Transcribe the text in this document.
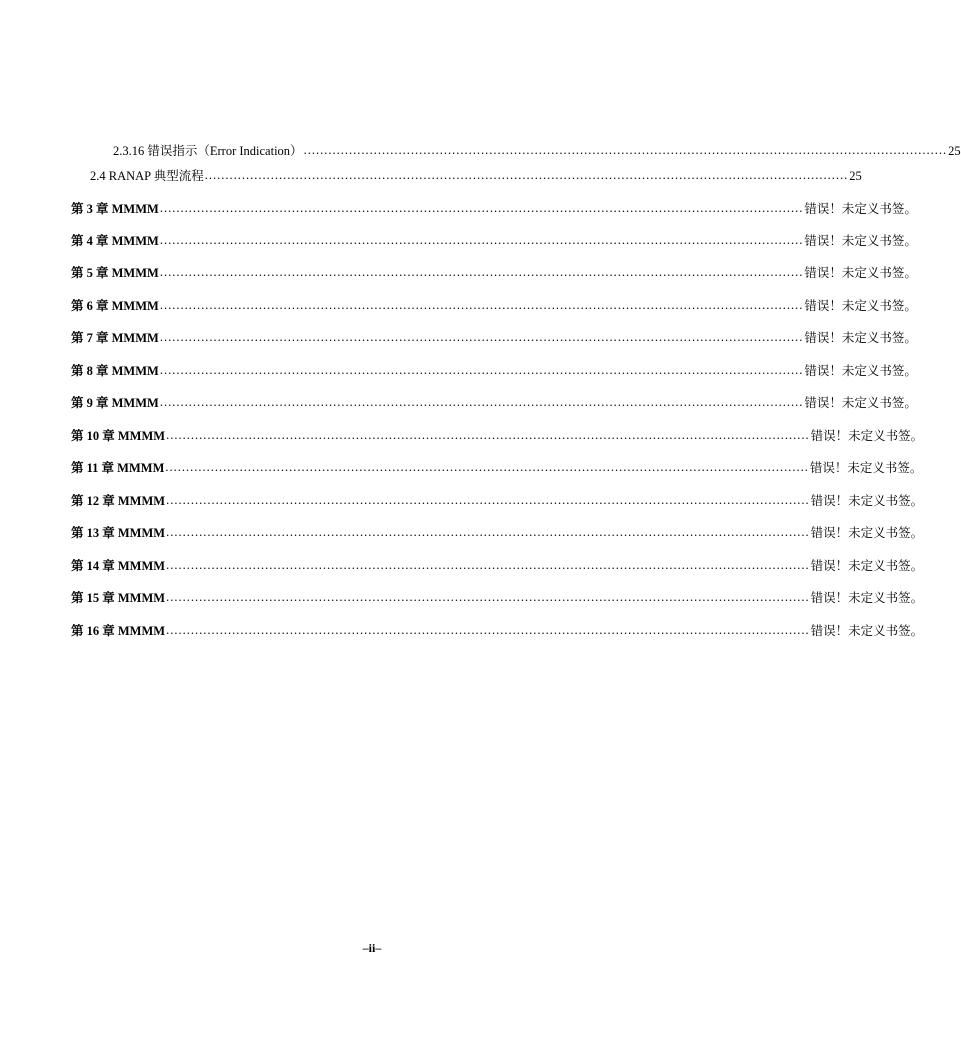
2.3.16 错误指示（Error Indication） ............................................................................................................................................................ 25
2.4 RANAP 典型流程 ............................................................................................................................................................ 25
第 3 章 MMMM ............................................................................................................................................................ 错误！未定义书签。
第 4 章 MMMM ............................................................................................................................................................ 错误！未定义书签。
第 5 章 MMMM ............................................................................................................................................................ 错误！未定义书签。
第 6 章 MMMM ............................................................................................................................................................ 错误！未定义书签。
第 7 章 MMMM ............................................................................................................................................................ 错误！未定义书签。
第 8 章 MMMM ............................................................................................................................................................ 错误！未定义书签。
第 9 章 MMMM ............................................................................................................................................................ 错误！未定义书签。
第 10 章 MMMM ............................................................................................................................................................ 错误！未定义书签。
第 11 章 MMMM ............................................................................................................................................................ 错误！未定义书签。
第 12 章 MMMM ............................................................................................................................................................ 错误！未定义书签。
第 13 章 MMMM ............................................................................................................................................................ 错误！未定义书签。
第 14 章 MMMM ............................................................................................................................................................ 错误！未定义书签。
第 15 章 MMMM ............................................................................................................................................................ 错误！未定义书签。
第 16 章 MMMM ............................................................................................................................................................ 错误！未定义书签。
–ii–
